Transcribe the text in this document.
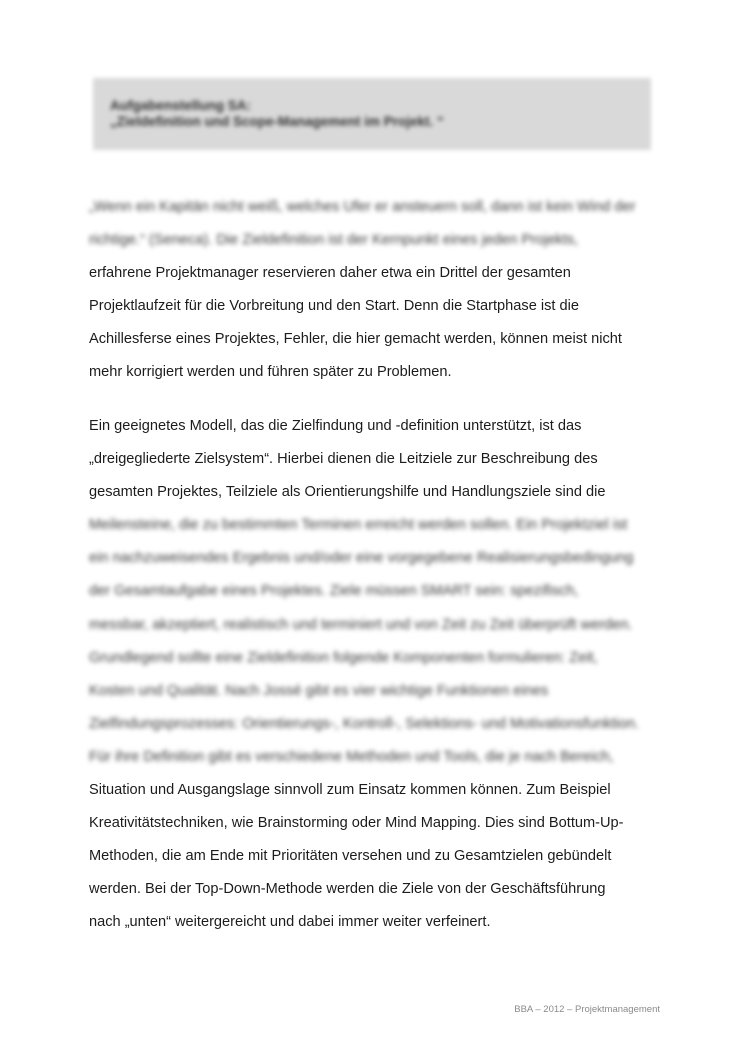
Aufgabenstellung SA:
„Zieldefinition und Scope-Management im Projekt. “
„Wenn ein Kapitän nicht weiß, welches Ufer er ansteuern soll, dann ist kein Wind der
richtige.“ (Seneca). Die Zieldefinition ist der Kernpunkt eines jeden Projekts,
erfahrene Projektmanager reservieren daher etwa ein Drittel der gesamten
Projektlaufzeit für die Vorbreitung und den Start. Denn die Startphase ist die
Achillesferse eines Projektes, Fehler, die hier gemacht werden, können meist nicht
mehr korrigiert werden und führen später zu Problemen.
Ein geeignetes Modell, das die Zielfindung und -definition unterstützt, ist das
„dreigegliederte Zielsystem“. Hierbei dienen die Leitziele zur Beschreibung des
gesamten Projektes, Teilziele als Orientierungshilfe und Handlungsziele sind die
Meilensteine, die zu bestimmten Terminen erreicht werden sollen. Ein Projektziel ist
ein nachzuweisendes Ergebnis und/oder eine vorgegebene Realisierungsbedingung
der Gesamtaufgabe eines Projektes. Ziele müssen SMART sein: spezifisch,
messbar, akzeptiert, realistisch und terminiert und von Zeit zu Zeit überprüft werden.
Grundlegend sollte eine Zieldefinition folgende Komponenten formulieren: Zeit,
Kosten und Qualität. Nach Jossé gibt es vier wichtige Funktionen eines
Zielfindungsprozesses: Orientierungs-, Kontroll-, Selektions- und Motivationsfunktion.
Für ihre Definition gibt es verschiedene Methoden und Tools, die je nach Bereich,
Situation und Ausgangslage sinnvoll zum Einsatz kommen können. Zum Beispiel
Kreativitätstechniken, wie Brainstorming oder Mind Mapping. Dies sind Bottum-Up-
Methoden, die am Ende mit Prioritäten versehen und zu Gesamtzielen gebündelt
werden. Bei der Top-Down-Methode werden die Ziele von der Geschäftsführung
nach „unten“ weitergereicht und dabei immer weiter verfeinert.
BBA – 2012 – Projektmanagement
